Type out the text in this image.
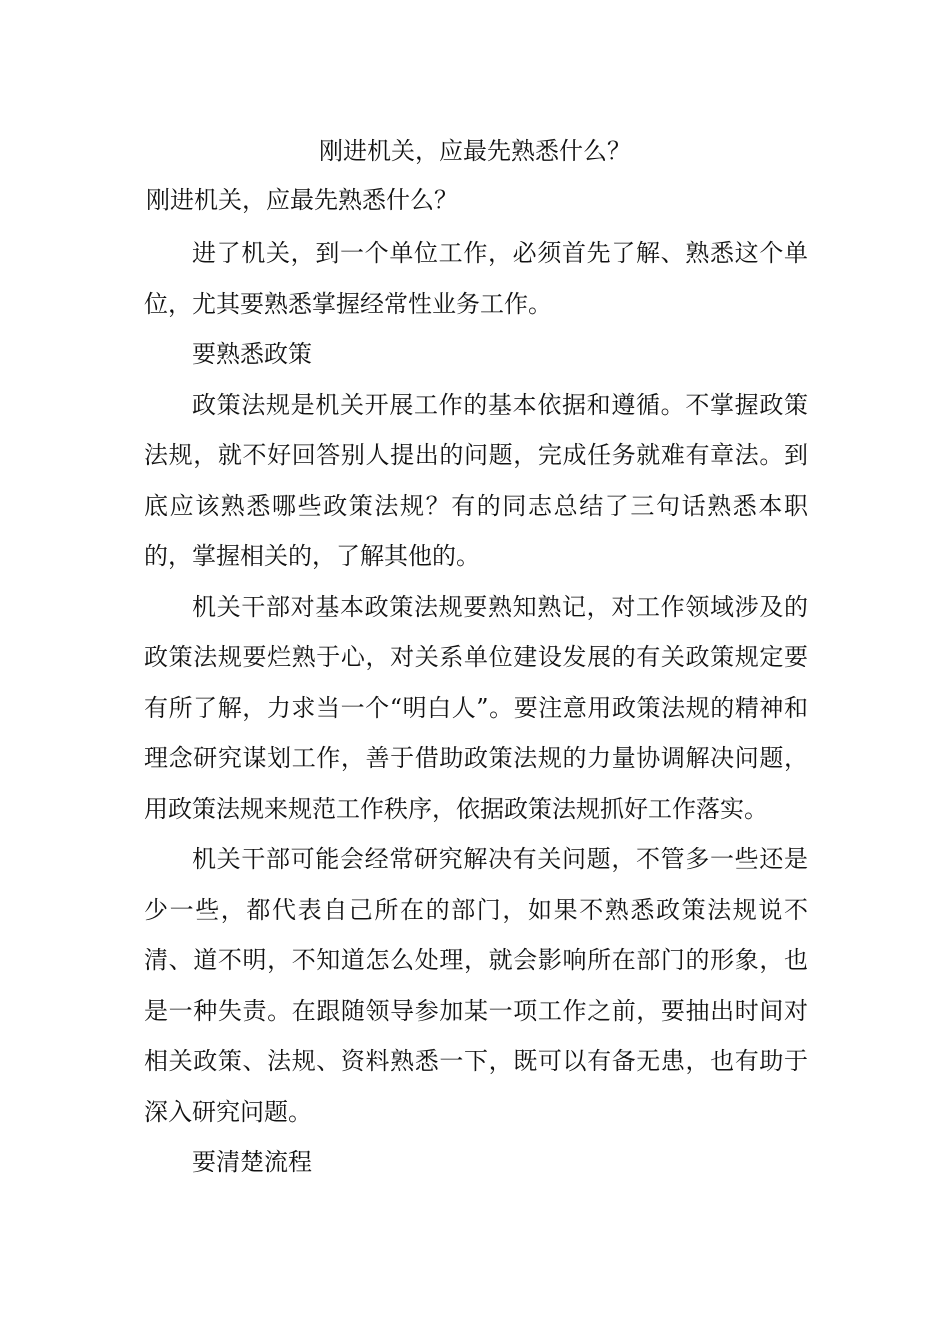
刚进机关，应最先熟悉什么？
刚进机关，应最先熟悉什么？

进了机关，到一个单位工作，必须首先了解、熟悉这个单位，尤其要熟悉掌握经常性业务工作。

要熟悉政策

政策法规是机关开展工作的基本依据和遵循。不掌握政策法规，就不好回答别人提出的问题，完成任务就难有章法。到底应该熟悉哪些政策法规？有的同志总结了三句话熟悉本职的，掌握相关的，了解其他的。

机关干部对基本政策法规要熟知熟记，对工作领域涉及的政策法规要烂熟于心，对关系单位建设发展的有关政策规定要有所了解，力求当一个“明白人”。要注意用政策法规的精神和理念研究谋划工作，善于借助政策法规的力量协调解决问题，用政策法规来规范工作秩序，依据政策法规抓好工作落实。

机关干部可能会经常研究解决有关问题，不管多一些还是少一些，都代表自己所在的部门，如果不熟悉政策法规说不清、道不明，不知道怎么处理，就会影响所在部门的形象，也是一种失责。在跟随领导参加某一项工作之前，要抽出时间对相关政策、法规、资料熟悉一下，既可以有备无患，也有助于深入研究问题。

要清楚流程
